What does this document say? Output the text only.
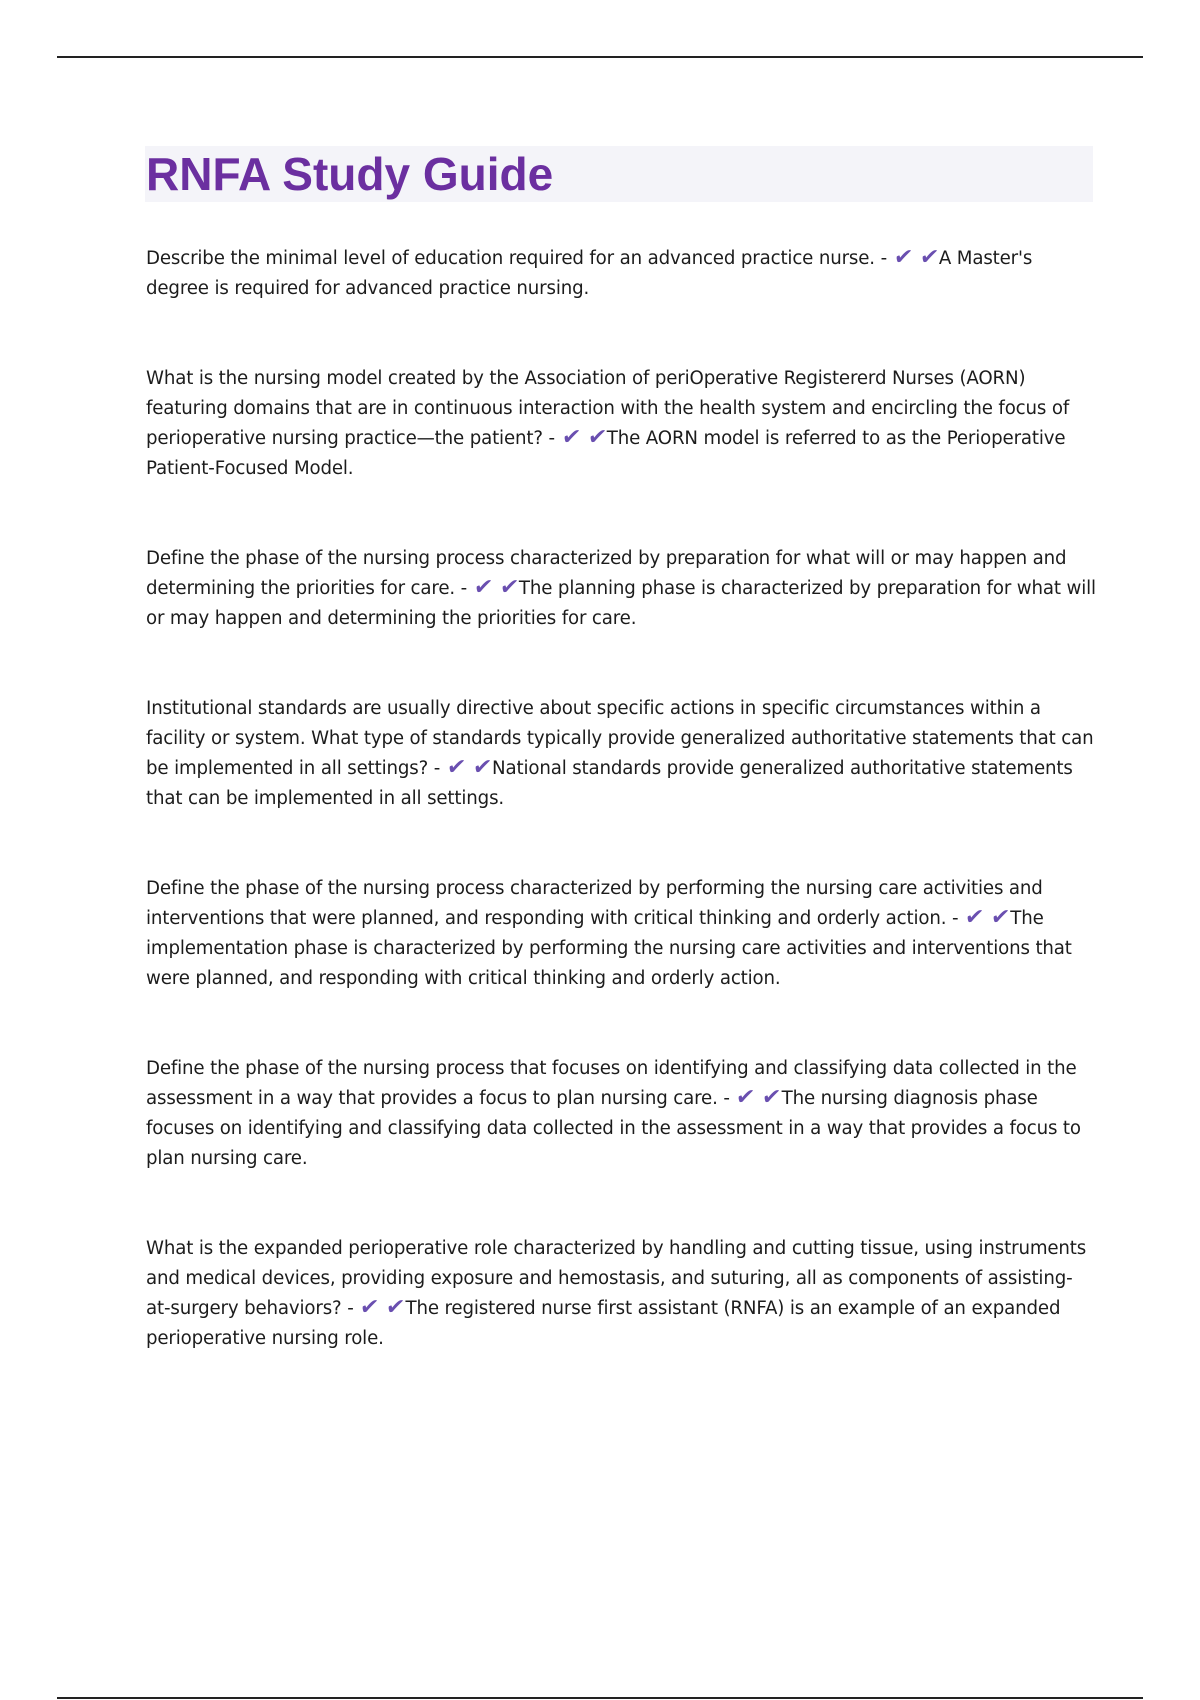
RNFA Study Guide

Describe the minimal level of education required for an advanced practice nurse. - ✔ ✔A Master's degree is required for advanced practice nursing.

What is the nursing model created by the Association of periOperative Registererd Nurses (AORN) featuring domains that are in continuous interaction with the health system and encircling the focus of perioperative nursing practice—the patient? - ✔ ✔The AORN model is referred to as the Perioperative Patient-Focused Model.

Define the phase of the nursing process characterized by preparation for what will or may happen and determining the priorities for care. - ✔ ✔The planning phase is characterized by preparation for what will or may happen and determining the priorities for care.

Institutional standards are usually directive about specific actions in specific circumstances within a facility or system. What type of standards typically provide generalized authoritative statements that can be implemented in all settings? - ✔ ✔National standards provide generalized authoritative statements that can be implemented in all settings.

Define the phase of the nursing process characterized by performing the nursing care activities and interventions that were planned, and responding with critical thinking and orderly action. - ✔ ✔The implementation phase is characterized by performing the nursing care activities and interventions that were planned, and responding with critical thinking and orderly action.

Define the phase of the nursing process that focuses on identifying and classifying data collected in the assessment in a way that provides a focus to plan nursing care. - ✔ ✔The nursing diagnosis phase focuses on identifying and classifying data collected in the assessment in a way that provides a focus to plan nursing care.

What is the expanded perioperative role characterized by handling and cutting tissue, using instruments and medical devices, providing exposure and hemostasis, and suturing, all as components of assisting-at-surgery behaviors? - ✔ ✔The registered nurse first assistant (RNFA) is an example of an expanded perioperative nursing role.
